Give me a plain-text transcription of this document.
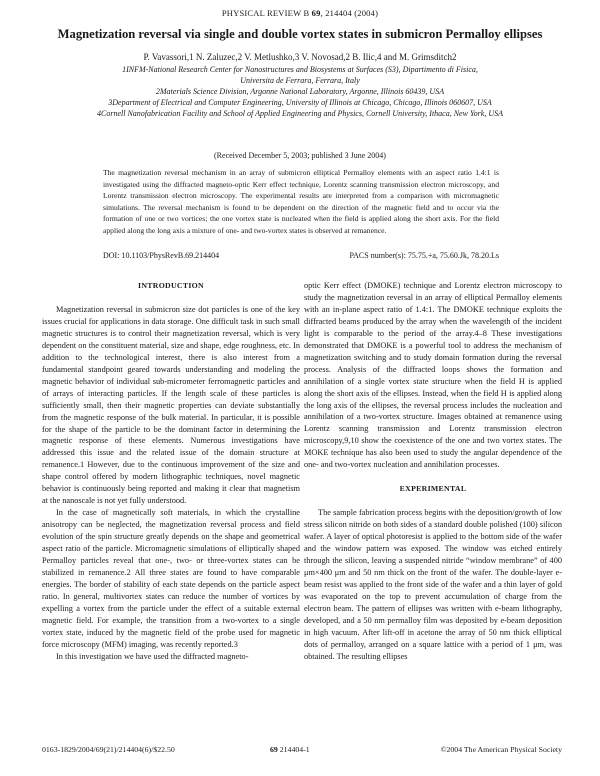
PHYSICAL REVIEW B 69, 214404 (2004)
Magnetization reversal via single and double vortex states in submicron Permalloy ellipses
P. Vavassori,1 N. Zaluzec,2 V. Metlushko,3 V. Novosad,2 B. Ilic,4 and M. Grimsditch2
1INFM-National Research Center for Nanostructures and Biosystems at Surfaces (S3), Dipartimento di Fisica,
Universita de Ferrara, Ferrara, Italy
2Materials Science Division, Argonne National Laboratory, Argonne, Illinois 60439, USA
3Department of Electrical and Computer Engineering, University of Illinois at Chicago, Chicago, Illinois 060607, USA
4Cornell Nanofabrication Facility and School of Applied Engineering and Physics, Cornell University, Ithaca, New York, USA
(Received December 5, 2003; published 3 June 2004)
The magnetization reversal mechanism in an array of submicron elliptical Permalloy elements with an aspect ratio 1.4:1 is investigated using the diffracted magneto-optic Kerr effect technique, Lorentz scanning transmission electron microscopy, and Lorentz transmission electron microscopy. The experimental results are interpreted from a comparison with micromagnetic simulations. The reversal mechanism is found to be dependent on the direction of the magnetic field and to occur via the formation of one or two vortices; the one vortex state is nucleated when the field is applied along the short axis. For the field applied along the long axis a mixture of one- and two-vortex states is observed at remanence.
DOI: 10.1103/PhysRevB.69.214404	PACS number(s): 75.75.+a, 75.60.Jk, 78.20.Ls
INTRODUCTION

Magnetization reversal in submicron size dot particles is one of the key issues crucial for applications in data storage. One difficult task in such small magnetic structures is to control their magnetization reversal, which is very dependent on the constituent material, size and shape, edge roughness, etc. In addition to the technological interest, there is also interest from a fundamental standpoint geared towards understanding and modeling the magnetic behavior of individual sub-micrometer ferromagnetic particles and of arrays of interacting particles. If the length scale of these particles is sufficiently small, then their magnetic properties can deviate substantially from the magnetic response of the bulk material. In particular, it is possible for the shape of the particle to be the dominant factor in determining the magnetic response of these elements. Numerous investigations have addressed this issue and the related issue of the domain structure at remanence.1 However, due to the continuous improvement of the size and shape control offered by modern lithographic techniques, novel magnetic behavior is continuously being reported and making it clear that magnetism at the nanoscale is not yet fully understood.

In the case of magnetically soft materials, in which the crystalline anisotropy can be neglected, the magnetization reversal process and field evolution of the spin structure greatly depends on the shape and geometrical aspect ratio of the particle. Micromagnetic simulations of elliptically shaped Permalloy particles reveal that one-, two- or three-vortex states can be stabilized in remanence.2 All three states are found to have comparable energies. The border of stability of each state depends on the particle aspect ratio. In general, multivortex states can reduce the number of vortices by expelling a vortex from the particle under the effect of a suitable external magnetic field. For example, the transition from a two-vortex to a single vortex state, induced by the magnetic field of the probe used for magnetic force microscopy (MFM) imaging, was recently reported.3

In this investigation we have used the diffracted magneto-

optic Kerr effect (DMOKE) technique and Lorentz electron microscopy to study the magnetization reversal in an array of elliptical Permalloy elements with an in-plane aspect ratio of 1.4:1. The DMOKE technique exploits the diffracted beams produced by the array when the wavelength of the incident light is comparable to the period of the array.4–8 These investigations demonstrated that DMOKE is a powerful tool to address the mechanism of magnetization switching and to study domain formation during the reversal process. Analysis of the diffracted loops shows the formation and annihilation of a single vortex state structure when the field H is applied along the short axis of the ellipses. Instead, when the field H is applied along the long axis of the ellipses, the reversal process includes the nucleation and annihilation of a two-vortex structure. Images obtained at remanence using Lorentz scanning transmission and Lorentz transmission electron microscopy,9,10 show the coexistence of the one and two vortex states. The MOKE technique has also been used to study the angular dependence of the one- and two-vortex nucleation and annihilation processes.

EXPERIMENTAL

The sample fabrication process begins with the deposition/growth of low stress silicon nitride on both sides of a standard double polished (100) silicon wafer. A layer of optical photoresist is applied to the bottom side of the wafer and the window pattern was exposed. The window was etched entirely through the silicon, leaving a suspended nitride “window membrane” of 400 μm×400 μm and 50 nm thick on the front of the wafer. The double-layer e-beam resist was applied to the front side of the wafer and a thin layer of gold was evaporated on the top to prevent accumulation of charge from the electron beam. The pattern of ellipses was written with e-beam lithography, developed, and a 50 nm permalloy film was deposited by e-beam deposition in high vacuum. After lift-off in acetone the array of 50 nm thick elliptical dots of permalloy, arranged on a square lattice with a period of 1 μm, was obtained. The resulting ellipses

0163-1829/2004/69(21)/214404(6)/$22.50	69 214404-1	©2004 The American Physical Society
